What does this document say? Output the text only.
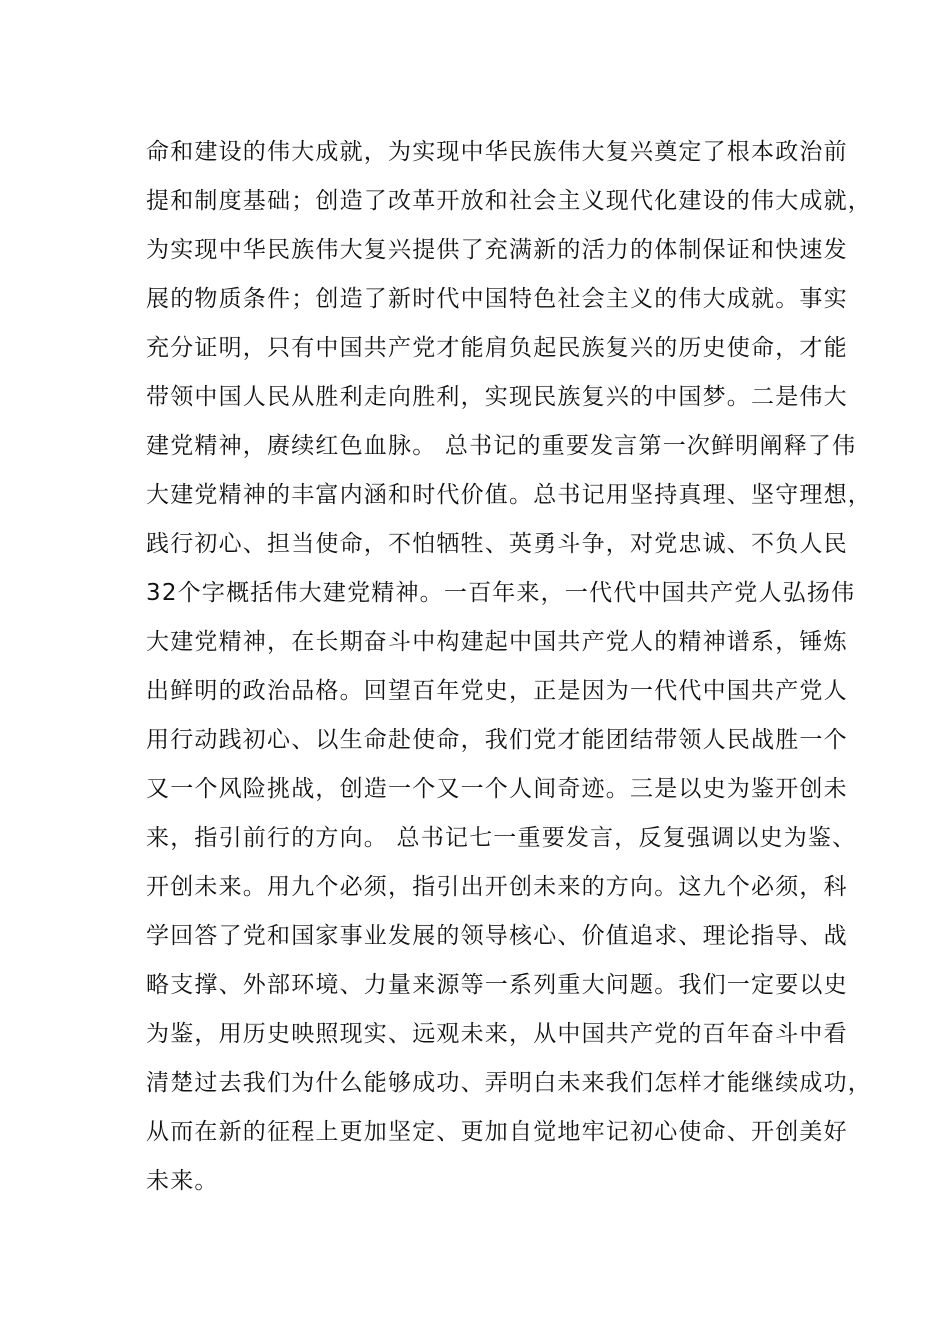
命和建设的伟大成就，为实现中华民族伟大复兴奠定了根本政治前
提和制度基础；创造了改革开放和社会主义现代化建设的伟大成就，
为实现中华民族伟大复兴提供了充满新的活力的体制保证和快速发
展的物质条件；创造了新时代中国特色社会主义的伟大成就。事实
充分证明，只有中国共产党才能肩负起民族复兴的历史使命，才能
带领中国人民从胜利走向胜利，实现民族复兴的中国梦。二是伟大
建党精神，赓续红色血脉。 总书记的重要发言第一次鲜明阐释了伟
大建党精神的丰富内涵和时代价值。总书记用坚持真理、坚守理想，
践行初心、担当使命，不怕牺牲、英勇斗争，对党忠诚、不负人民
32个字概括伟大建党精神。一百年来，一代代中国共产党人弘扬伟
大建党精神，在长期奋斗中构建起中国共产党人的精神谱系，锤炼
出鲜明的政治品格。回望百年党史，正是因为一代代中国共产党人
用行动践初心、以生命赴使命，我们党才能团结带领人民战胜一个
又一个风险挑战，创造一个又一个人间奇迹。三是以史为鉴开创未
来，指引前行的方向。 总书记七一重要发言，反复强调以史为鉴、
开创未来。用九个必须，指引出开创未来的方向。这九个必须，科
学回答了党和国家事业发展的领导核心、价值追求、理论指导、战
略支撑、外部环境、力量来源等一系列重大问题。我们一定要以史
为鉴，用历史映照现实、远观未来，从中国共产党的百年奋斗中看
清楚过去我们为什么能够成功、弄明白未来我们怎样才能继续成功，
从而在新的征程上更加坚定、更加自觉地牢记初心使命、开创美好
未来。
